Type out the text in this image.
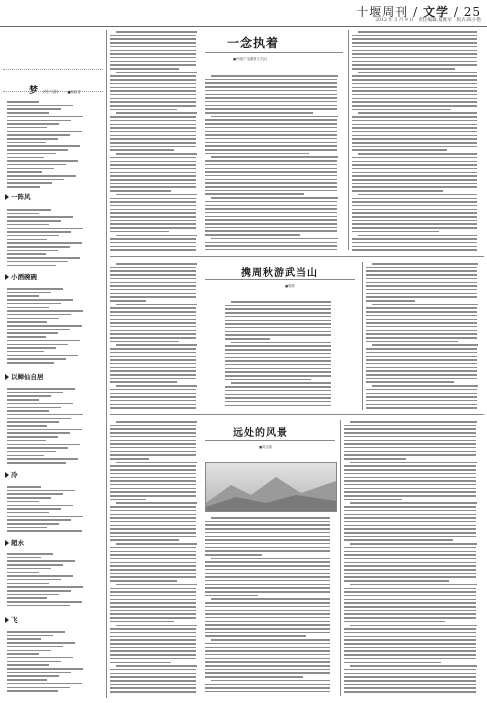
十堰周刊 / 文学 / 25
2012 年 3 月 9 日 责任编辑:夏维军 版式:陈小艳
梦 (外六首)	■杨晓宵
一阵风
小酒碗碗
以蝉仙自居
冷
超水
飞
一念执着
■冷琼(广电董事文字区)
携周秋游武当山
■胡渊
远处的风景
■周玉涵
